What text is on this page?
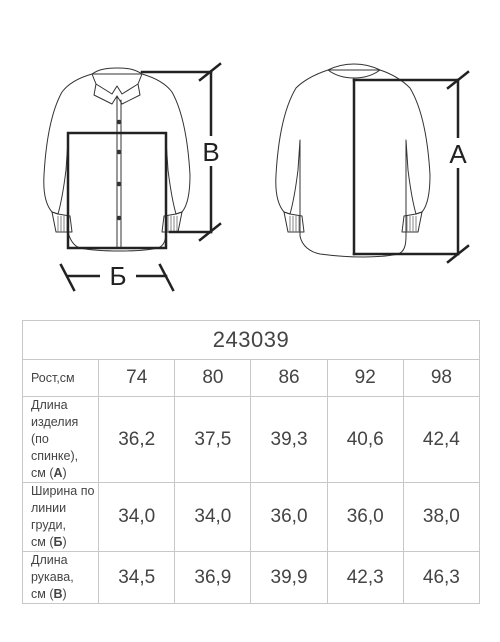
Б
В	А
243039					
Рост,см	74	80	86	92	98

Длина изделия
(по спинке),
см (А)	36,2	37,5	39,3	40,6	42,4

Ширина по
линии груди,
см (Б)	34,0	34,0	36,0	36,0	38,0

Длина рукава,
см (В)	34,5	36,9	39,9	42,3	46,3
